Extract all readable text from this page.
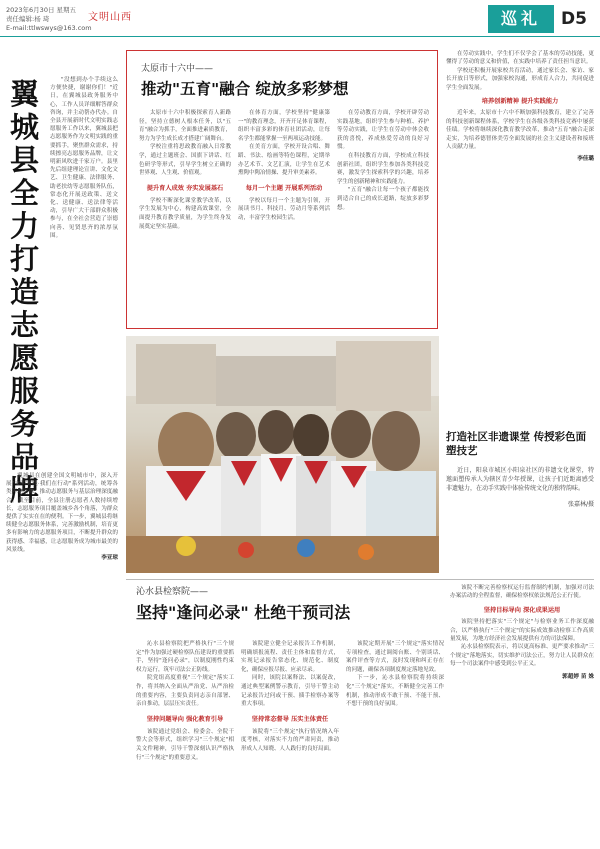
2023年6月30日 星期五
责任编辑:杨 琦
E-mail:ttlwswys@163.com
文明山西	巡礼	D5
翼城县全力打造志愿服务品牌
"没想到办个手续这么方便快捷，谢谢你们！"近日，在翼城县政务服务中心，工作人员详细解答群众咨询，并主动帮办代办。自全县开展新时代文明实践志愿服务工作以来，翼城县把志愿服务作为文明实践的重要抓手，聚焦群众需求，持续擦亮志愿服务品牌，让文明新风吹进千家万户。县里先后组建理论宣讲、文化文艺、卫生健康、法律服务、助老扶幼等志愿服务队伍，常态化开展送政策、送文化、送健康、送法律等活动，引导广大干部群众积极参与，在全社会营造了崇德向善、见贤思齐的浓厚氛围。

翼城县在创建全国文明城市中，深入开展"文明实践·我们在行动"系列活动，统筹各类阵地资源，推动志愿服务与基层治理深度融合。截至目前，全县注册志愿者人数持续增长，志愿服务项目覆盖城乡各个角落，为群众提供了实实在在的便利。下一步，翼城县将继续健全志愿服务体系，完善激励机制，培育更多有影响力的志愿服务项目，不断提升群众的获得感、幸福感，让志愿服务成为城市最美的风景线。

李亚琼

太原市十六中——
推动"五育"融合 绽放多彩梦想

太原市十六中积极探索育人新路径，坚持立德树人根本任务，以"五育"融合为抓手，全面推进素质教育，努力为学生成长成才搭建广阔舞台。

学校注重将思政教育融入日常教学，通过主题班会、国旗下讲话、红色研学等形式，引导学生树立正确的世界观、人生观、价值观。

提升育人成效 夯实发展基石

学校不断深化课堂教学改革，以学生发展为中心，构建高效课堂，全面提升教育教学质量，为学生终身发展奠定坚实基础。

在体育方面，学校坚持"健康第一"的教育理念，开齐开足体育课程，组织丰富多彩的体育社团活动，让每名学生都能掌握一至两项运动技能。

在美育方面，学校开设合唱、舞蹈、书法、绘画等特色课程，定期举办艺术节、文艺汇演，让学生在艺术熏陶中陶冶情操、提升审美素养。

每月一个主题 开展系列活动

学校以每月一个主题为引领，开展读书月、科技月、劳动月等系列活动，丰富学生校园生活。

在劳动教育方面，学校开辟劳动实践基地，组织学生参与种植、养护等劳动实践，让学生在劳动中体会收获的喜悦，养成热爱劳动的良好习惯。

在科技教育方面，学校成立科技创新社团，组织学生参加各类科技竞赛，激发学生探索科学的兴趣，培养学生的创新精神和实践能力。

"五育"融合让每一个孩子都能找到适合自己的成长道路，绽放多彩梦想。

在劳动实践中，学生们不仅学会了基本的劳动技能，更懂得了劳动的意义和价值，在实践中培养了责任担当意识。

学校还积极开展家校共育活动，通过家长会、家访、家长开放日等形式，加强家校沟通，形成育人合力，共同促进学生全面发展。

培养创新精神 提升实践能力

近年来，太原市十六中不断加强科技教育，建立了完善的科技创新课程体系，学校学生在各级各类科技竞赛中屡获佳绩。学校将继续深化教育教学改革，推动"五育"融合走深走实，为培养德智体美劳全面发展的社会主义建设者和接班人贡献力量。

李佳璐

打造社区非遗课堂 传授彩色面塑技艺
近日，阳泉市城区小阳泉社区的非遗文化课堂，特邀面塑传承人为辖区青少年授课，让孩子们近距离感受非遗魅力，在动手实践中体验传统文化的独特韵味。
张嘉林/摄
沁水县检察院——
坚持"逢问必录" 杜绝干预司法

沁水县检察院把严格执行"三个规定"作为加强过硬检察队伍建设的重要抓手，坚持"逢问必录"，以制度刚性约束权力运行，筑牢司法公正防线。

院党组高度重视"三个规定"落实工作，将其纳入全面从严治党、从严治检的重要内容，主要负责同志亲自部署、亲自推动，层层压实责任。

坚持问题导向 强化教育引导

该院通过党组会、检委会、全院干警大会等形式，组织学习"三个规定"相关文件精神，引导干警深刻认识严格执行"三个规定"的重要意义。

该院建立健全记录报告工作机制，明确填报流程、责任主体和监督方式，实现记录报告常态化、规范化、制度化，确保应报尽报、应录尽录。

同时，该院以案释法、以案促改，通过典型案例警示教育，引导干警主动记录报告过问或干预、插手检察办案等重大事项。

坚持常态督导 压实主体责任

该院将"三个规定"执行情况纳入年度考核，对落实不力的严肃问责，推动形成人人知晓、人人践行的良好局面。

该院定期开展"三个规定"落实情况专项检查，通过调阅台账、个别谈话、案件评查等方式，及时发现和纠正存在的问题，确保各项制度规定落地见效。

下一步，沁水县检察院将持续深化"三个规定"落实，不断健全完善工作机制，推动形成不敢干预、不能干预、不想干预的良好氛围。

该院不断完善检察权运行监督制约机制，加强对司法办案活动的全程监督，确保检察权依法规范公正行使。

坚持目标导向 深化成果运用

该院坚持把落实"三个规定"与检察业务工作深度融合，以严格执行"三个规定"的实际成效推动检察工作高质量发展，为地方经济社会发展提供有力的司法保障。

沁水县检察院表示，将以更高标准、更严要求推动"三个规定"落地落实，切实维护司法公正，努力让人民群众在每一个司法案件中感受到公平正义。

郭超婷 苗 姝
